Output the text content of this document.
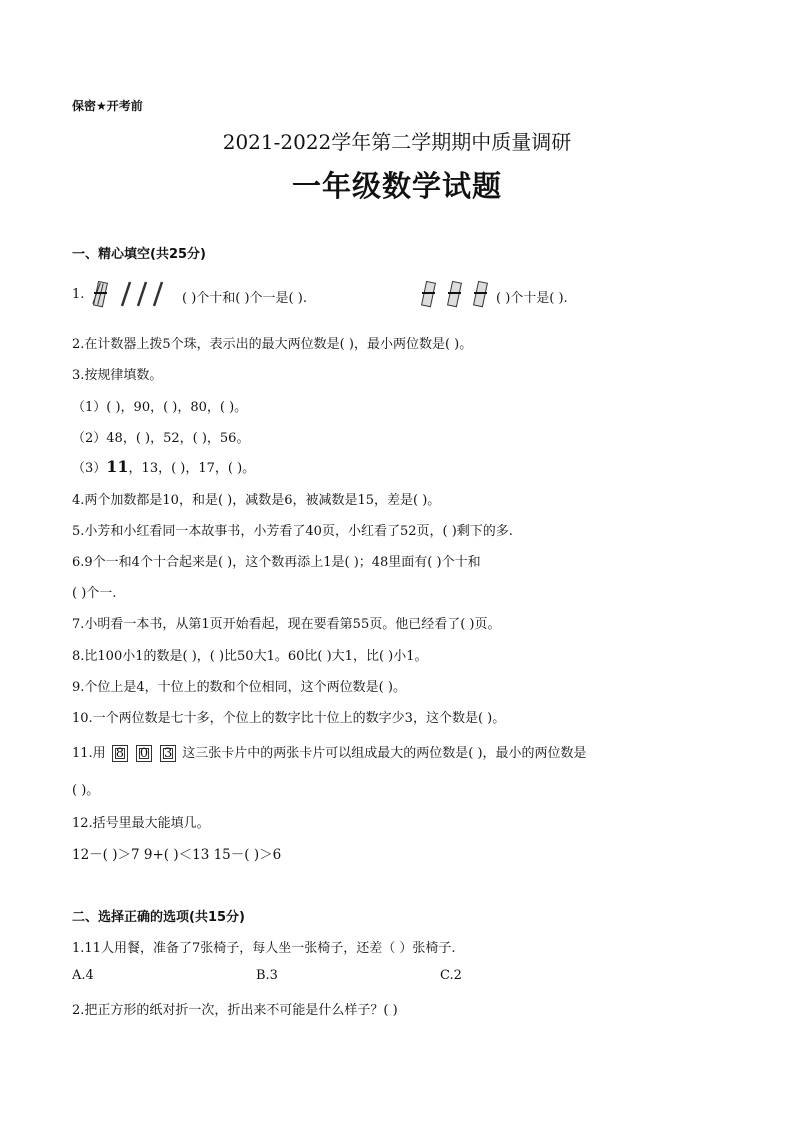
保密★开考前
2021-2022学年第二学期期中质量调研
一年级数学试题
一、精心填空(共25分)
1.	( )个十和( )个一是( ).	( )个十是( ).
2.在计数器上拨5个珠，表示出的最大两位数是( )，最小两位数是( )。
3.按规律填数。
（1）( )，90，( )，80，( )。
（2）48，( )，52，( )，56。
（3）11，13，( )，17，( )。
4.两个加数都是10，和是( )，减数是6，被减数是15，差是( )。
5.小芳和小红看同一本故事书，小芳看了40页，小红看了52页，( )剩下的多.
6.9个一和4个十合起来是( )，这个数再添上1是( )；48里面有( )个十和
( )个一.
7.小明看一本书，从第1页开始看起，现在要看第55页。他已经看了( )页。
8.比100小1的数是( )，( )比50大1。60比( )大1，比( )小1。
9.个位上是4，十位上的数和个位相同，这个两位数是( )。
10.一个两位数是七十多，个位上的数字比十位上的数字少3，这个数是( )。
11.用 8 0 3 这三张卡片中的两张卡片可以组成最大的两位数是( )，最小的两位数是
( )。
12.括号里最大能填几。
12－( )＞7 9+( )＜13 15－( )＞6
二、选择正确的选项(共15分)
1.11人用餐，准备了7张椅子，每人坐一张椅子，还差（ ）张椅子.
A.4	B.3	C.2
2.把正方形的纸对折一次，折出来不可能是什么样子？( )
